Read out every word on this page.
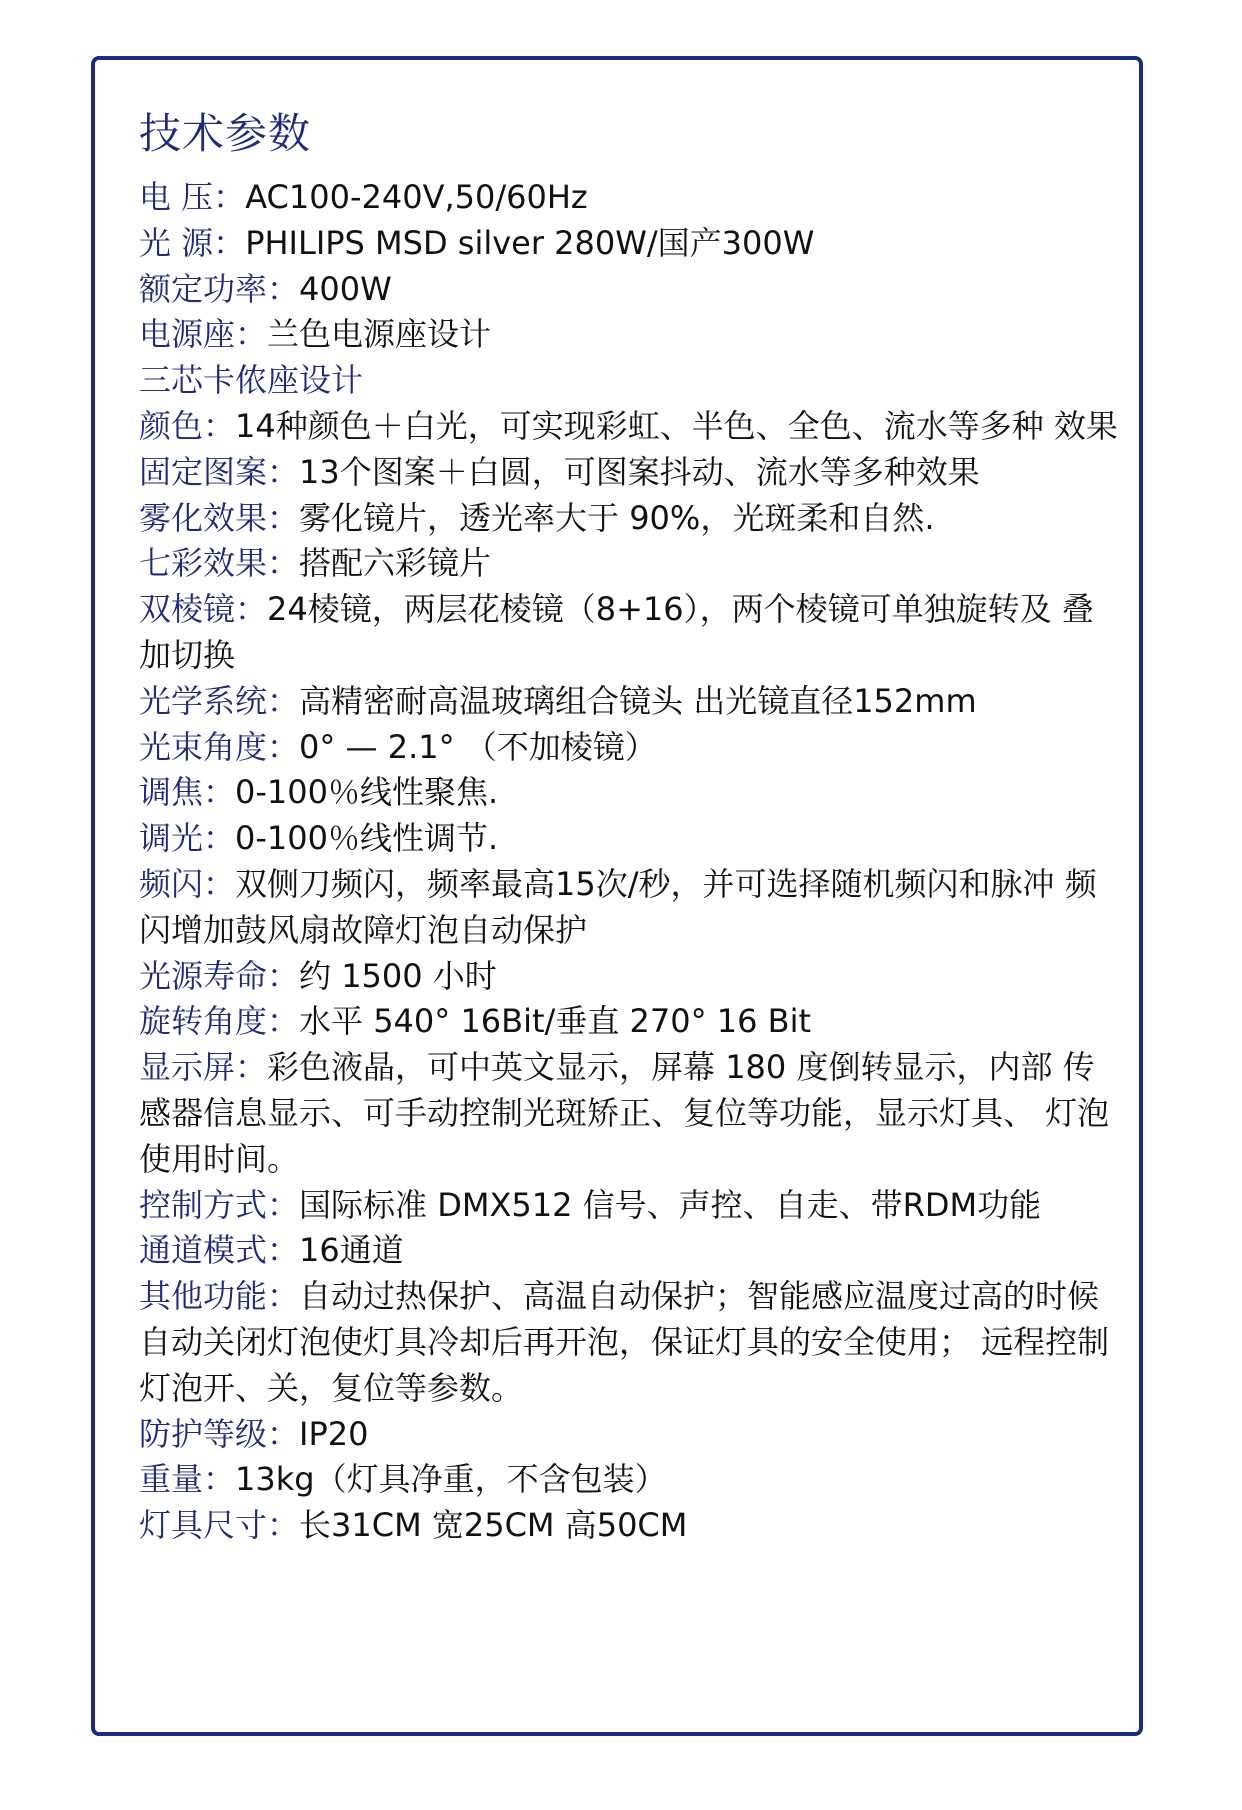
技术参数

电 压：AC100-240V,50/60Hz

光 源：PHILIPS MSD silver 280W/国产300W

额定功率：400W

电源座：兰色电源座设计

三芯卡侬座设计

颜色：14种颜色＋白光，可实现彩虹、半色、全色、流水等多种 效果

固定图案：13个图案＋白圆，可图案抖动、流水等多种效果

雾化效果：雾化镜片，透光率大于 90%，光斑柔和自然.

七彩效果：搭配六彩镜片

双棱镜：24棱镜，两层花棱镜（8+16），两个棱镜可单独旋转及 叠加切换

光学系统：高精密耐高温玻璃组合镜头 出光镜直径152mm

光束角度：0° — 2.1° （不加棱镜）

调焦：0-100％线性聚焦.

调光：0-100％线性调节.

频闪：双侧刀频闪，频率最高15次/秒，并可选择随机频闪和脉冲 频闪增加鼓风扇故障灯泡自动保护

光源寿命：约 1500 小时

旋转角度：水平 540° 16Bit/垂直 270° 16 Bit

显示屏：彩色液晶，可中英文显示，屏幕 180 度倒转显示，内部 传感器信息显示、可手动控制光斑矫正、复位等功能，显示灯具、 灯泡使用时间。

控制方式：国际标准 DMX512 信号、声控、自走、带RDM功能

通道模式：16通道

其他功能：自动过热保护、高温自动保护；智能感应温度过高的时候自动关闭灯泡使灯具冷却后再开泡，保证灯具的安全使用； 远程控制灯泡开、关，复位等参数。

防护等级：IP20

重量：13kg（灯具净重，不含包装）

灯具尺寸：长31CM 宽25CM 高50CM
